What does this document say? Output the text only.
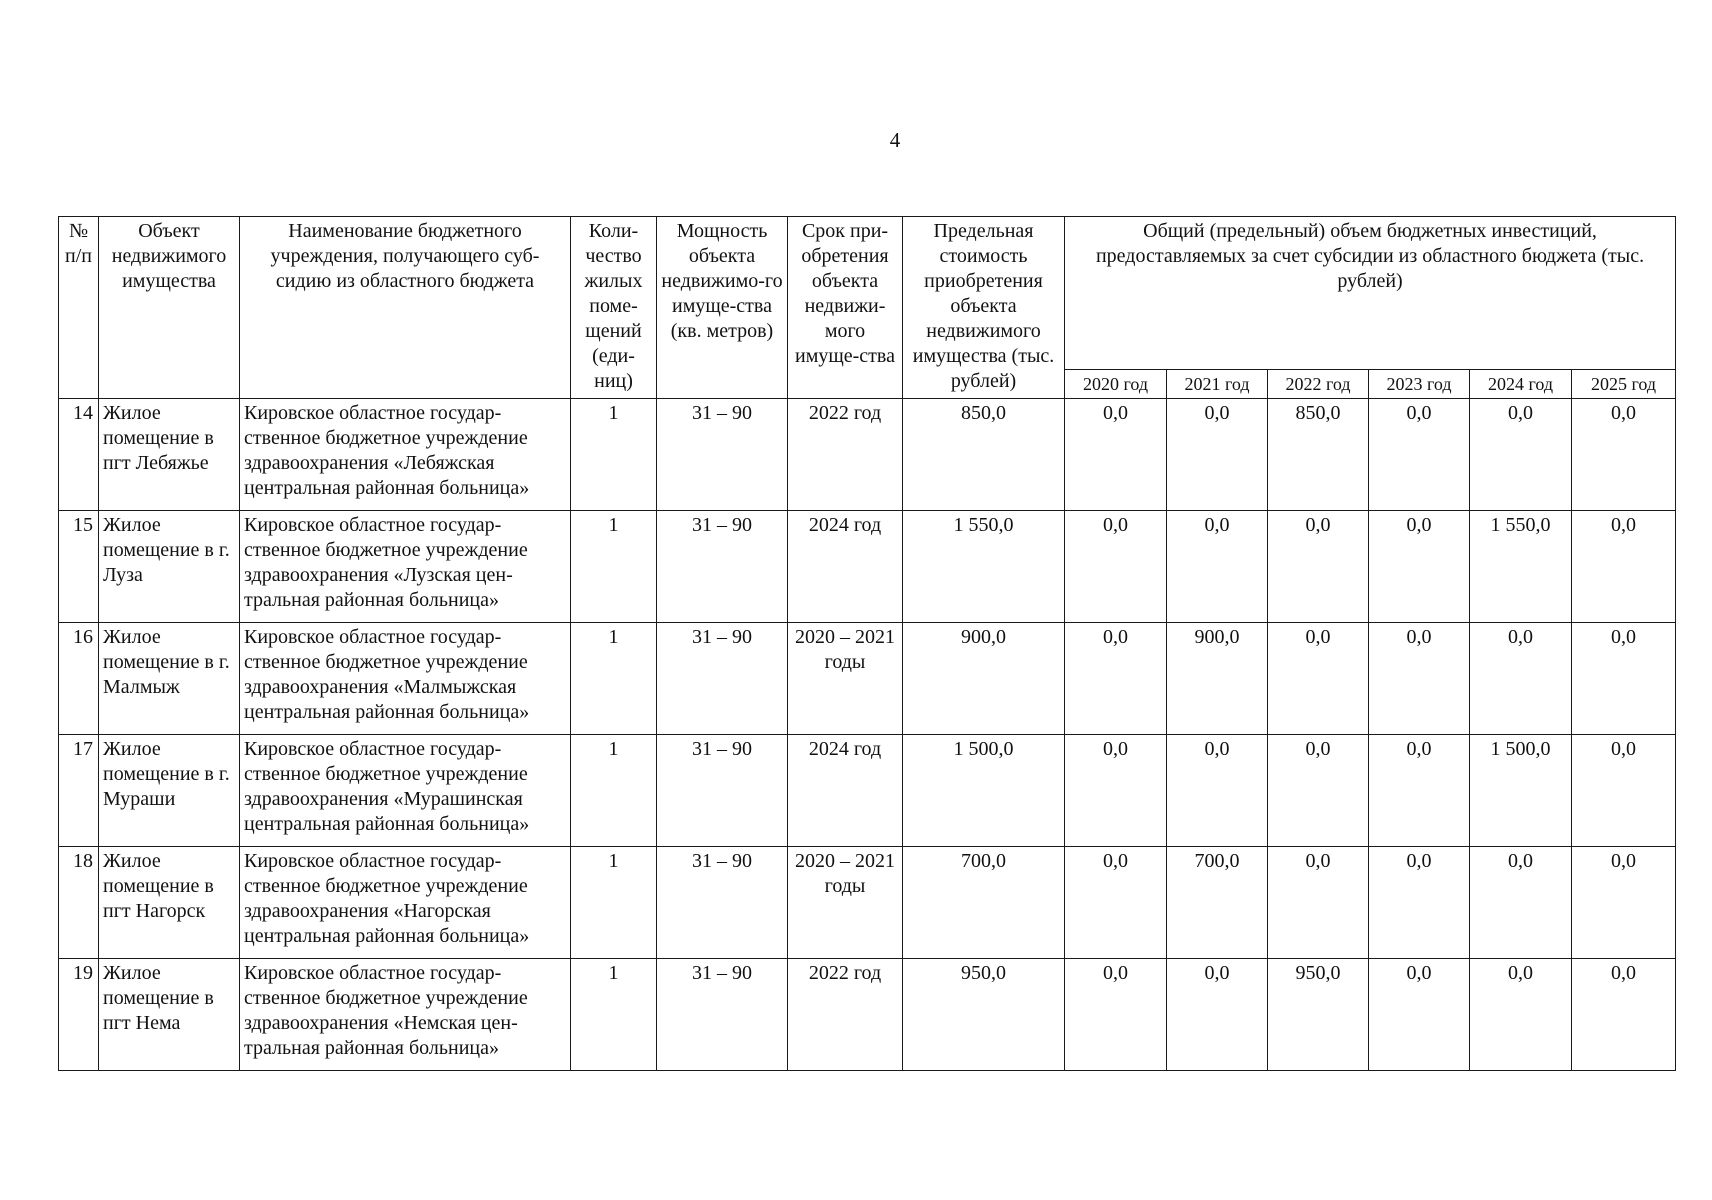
4
№ п/п	Объект недвижимого имущества	Наименование бюджетного учреждения, получающего суб-сидию из областного бюджета	Коли-чество жилых поме-щений (еди-ниц)	Мощность объекта недвижимо-го имуще-ства (кв. метров)	Срок при-обретения объекта недвижи-мого имуще-ства	Предельная стоимость приобретения объекта недвижимого имущества (тыс. рублей)	Общий (предельный) объем бюджетных инвестиций, предоставляемых за счет субсидии из областного бюджета (тыс. рублей)					
							2020 год	2021 год	2022 год	2023 год	2024 год	2025 год
14	Жилое помещение в пгт Лебяжье	Кировское областное государ-ственное бюджетное учреждение здравоохранения «Лебяжская центральная районная больница»	1	31 – 90	2022 год	850,0	0,0	0,0	850,0	0,0	0,0	0,0
15	Жилое помещение в г. Луза	Кировское областное государ-ственное бюджетное учреждение здравоохранения «Лузская цен-тральная районная больница»	1	31 – 90	2024 год	1 550,0	0,0	0,0	0,0	0,0	1 550,0	0,0
16	Жилое помещение в г. Малмыж	Кировское областное государ-ственное бюджетное учреждение здравоохранения «Малмыжская центральная районная больница»	1	31 – 90	2020 – 2021 годы	900,0	0,0	900,0	0,0	0,0	0,0	0,0
17	Жилое помещение в г. Мураши	Кировское областное государ-ственное бюджетное учреждение здравоохранения «Мурашинская центральная районная больница»	1	31 – 90	2024 год	1 500,0	0,0	0,0	0,0	0,0	1 500,0	0,0
18	Жилое помещение в пгт Нагорск	Кировское областное государ-ственное бюджетное учреждение здравоохранения «Нагорская центральная районная больница»	1	31 – 90	2020 – 2021 годы	700,0	0,0	700,0	0,0	0,0	0,0	0,0
19	Жилое помещение в пгт Нема	Кировское областное государ-ственное бюджетное учреждение здравоохранения «Немская цен-тральная районная больница»	1	31 – 90	2022 год	950,0	0,0	0,0	950,0	0,0	0,0	0,0
